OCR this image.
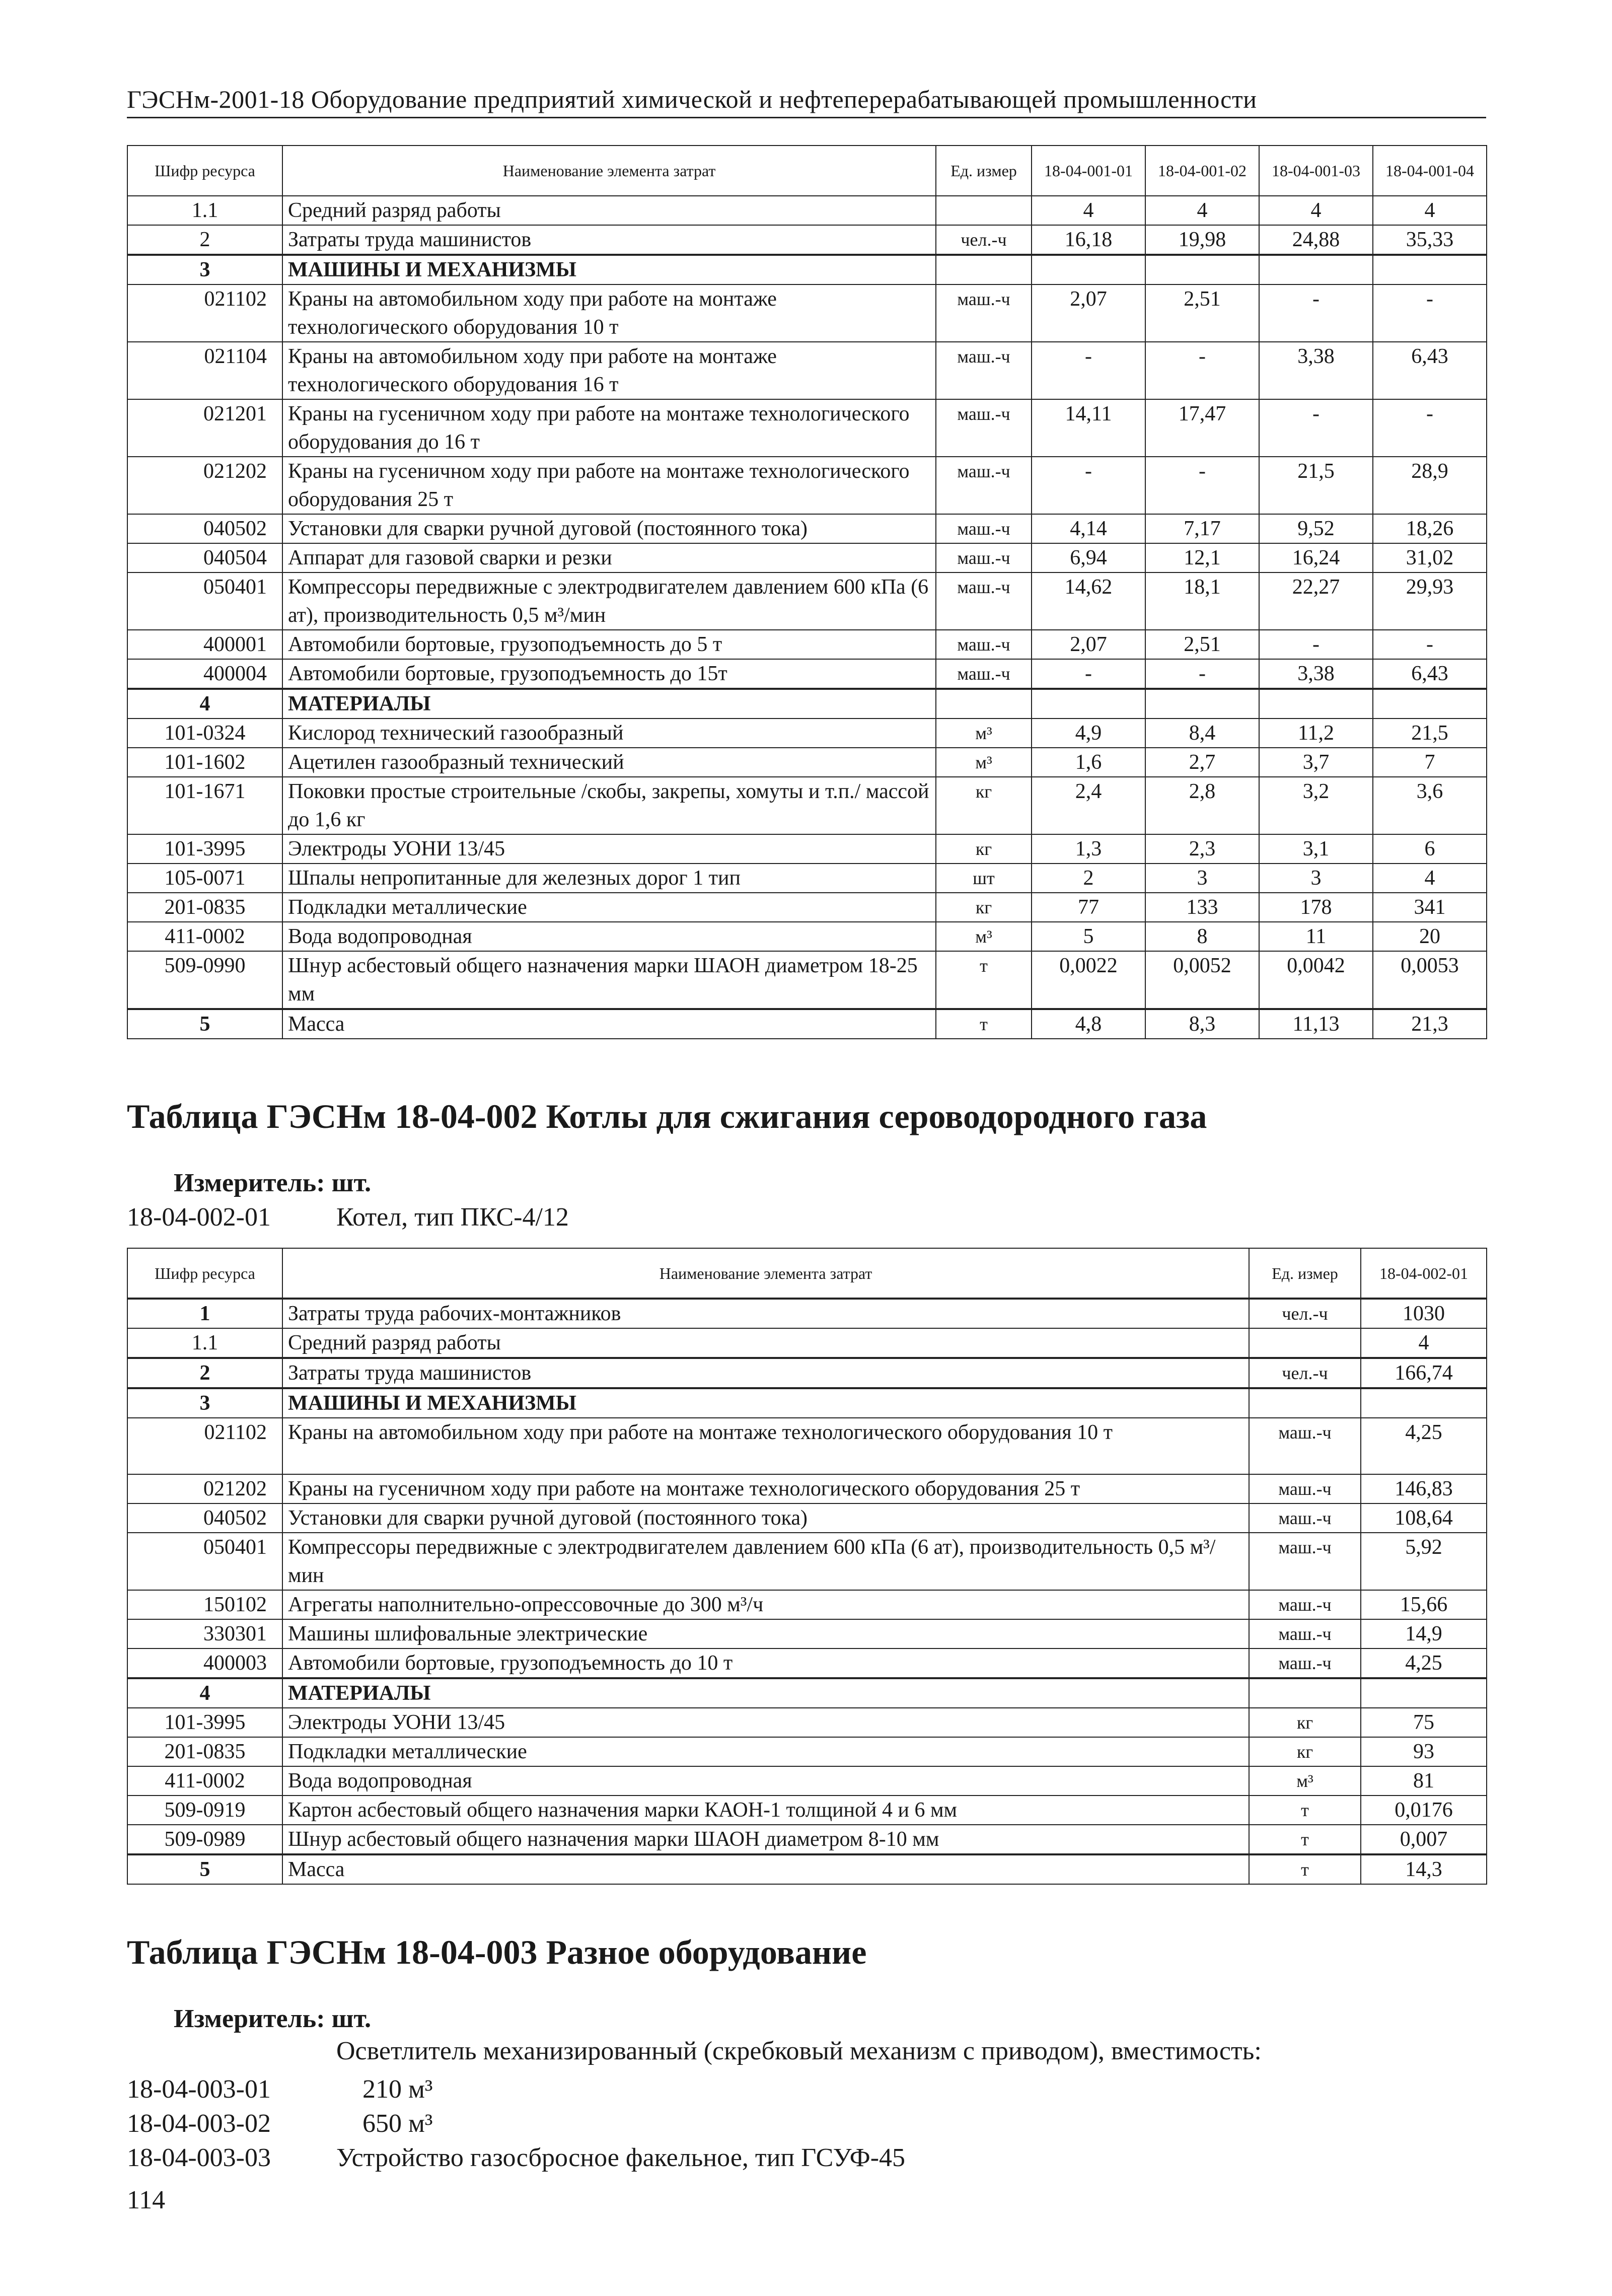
ГЭСНм-2001-18 Оборудование предприятий химической и нефтеперерабатывающей промышленности
Шифр ресурса	Наименование элемента затрат	Ед. измер	18-04-001-01	18-04-001-02	18-04-001-03	18-04-001-04
1.1	Средний разряд работы		4	4	4	4
2	Затраты труда машинистов	чел.-ч	16,18	19,98	24,88	35,33
3	МАШИНЫ И МЕХАНИЗМЫ					
021102	Краны на автомобильном ходу при работе на монтаже технологического оборудования 10 т	маш.-ч	2,07	2,51	-	-
021104	Краны на автомобильном ходу при работе на монтаже технологического оборудования 16 т	маш.-ч	-	-	3,38	6,43
021201	Краны на гусеничном ходу при работе на монтаже технологического оборудования до 16 т	маш.-ч	14,11	17,47	-	-
021202	Краны на гусеничном ходу при работе на монтаже технологического оборудования 25 т	маш.-ч	-	-	21,5	28,9
040502	Установки для сварки ручной дуговой (постоянного тока)	маш.-ч	4,14	7,17	9,52	18,26
040504	Аппарат для газовой сварки и резки	маш.-ч	6,94	12,1	16,24	31,02
050401	Компрессоры передвижные с электродвигателем давлением 600 кПа (6 ат), производительность 0,5 м³/мин	маш.-ч	14,62	18,1	22,27	29,93
400001	Автомобили бортовые, грузоподъемность до 5 т	маш.-ч	2,07	2,51	-	-
400004	Автомобили бортовые, грузоподъемность до 15т	маш.-ч	-	-	3,38	6,43
4	МАТЕРИАЛЫ					
101-0324	Кислород технический газообразный	м³	4,9	8,4	11,2	21,5
101-1602	Ацетилен газообразный технический	м³	1,6	2,7	3,7	7
101-1671	Поковки простые строительные /скобы, закрепы, хомуты и т.п./ массой до 1,6 кг	кг	2,4	2,8	3,2	3,6
101-3995	Электроды УОНИ 13/45	кг	1,3	2,3	3,1	6
105-0071	Шпалы непропитанные для железных дорог 1 тип	шт	2	3	3	4
201-0835	Подкладки металлические	кг	77	133	178	341
411-0002	Вода водопроводная	м³	5	8	11	20
509-0990	Шнур асбестовый общего назначения марки ШАОН диаметром 18-25 мм	т	0,0022	0,0052	0,0042	0,0053
5	Масса	т	4,8	8,3	11,13	21,3
Таблица ГЭСНм 18-04-002 Котлы для сжигания сероводородного газа
Измеритель: шт.
18-04-002-01	Котел, тип ПКС-4/12
Шифр ресурса	Наименование элемента затрат	Ед. измер	18-04-002-01
1	Затраты труда рабочих-монтажников	чел.-ч	1030
1.1	Средний разряд работы		4
2	Затраты труда машинистов	чел.-ч	166,74
3	МАШИНЫ И МЕХАНИЗМЫ		
021102	Краны на автомобильном ходу при работе на монтаже технологического оборудования 10 т	маш.-ч	4,25
021202	Краны на гусеничном ходу при работе на монтаже технологического оборудования 25 т	маш.-ч	146,83
040502	Установки для сварки ручной дуговой (постоянного тока)	маш.-ч	108,64
050401	Компрессоры передвижные с электродвигателем давлением 600 кПа (6 ат), производительность 0,5 м³/мин	маш.-ч	5,92
150102	Агрегаты наполнительно-опрессовочные до 300 м³/ч	маш.-ч	15,66
330301	Машины шлифовальные электрические	маш.-ч	14,9
400003	Автомобили бортовые, грузоподъемность до 10 т	маш.-ч	4,25
4	МАТЕРИАЛЫ		
101-3995	Электроды УОНИ 13/45	кг	75
201-0835	Подкладки металлические	кг	93
411-0002	Вода водопроводная	м³	81
509-0919	Картон асбестовый общего назначения марки КАОН-1 толщиной 4 и 6 мм	т	0,0176
509-0989	Шнур асбестовый общего назначения марки ШАОН диаметром 8-10 мм	т	0,007
5	Масса	т	14,3
Таблица ГЭСНм 18-04-003 Разное оборудование
Измеритель: шт.
Осветлитель механизированный (скребковый механизм с приводом), вместимость:
18-04-003-01	210 м³
18-04-003-02	650 м³
18-04-003-03	Устройство газосбросное факельное, тип ГСУФ-45
114
